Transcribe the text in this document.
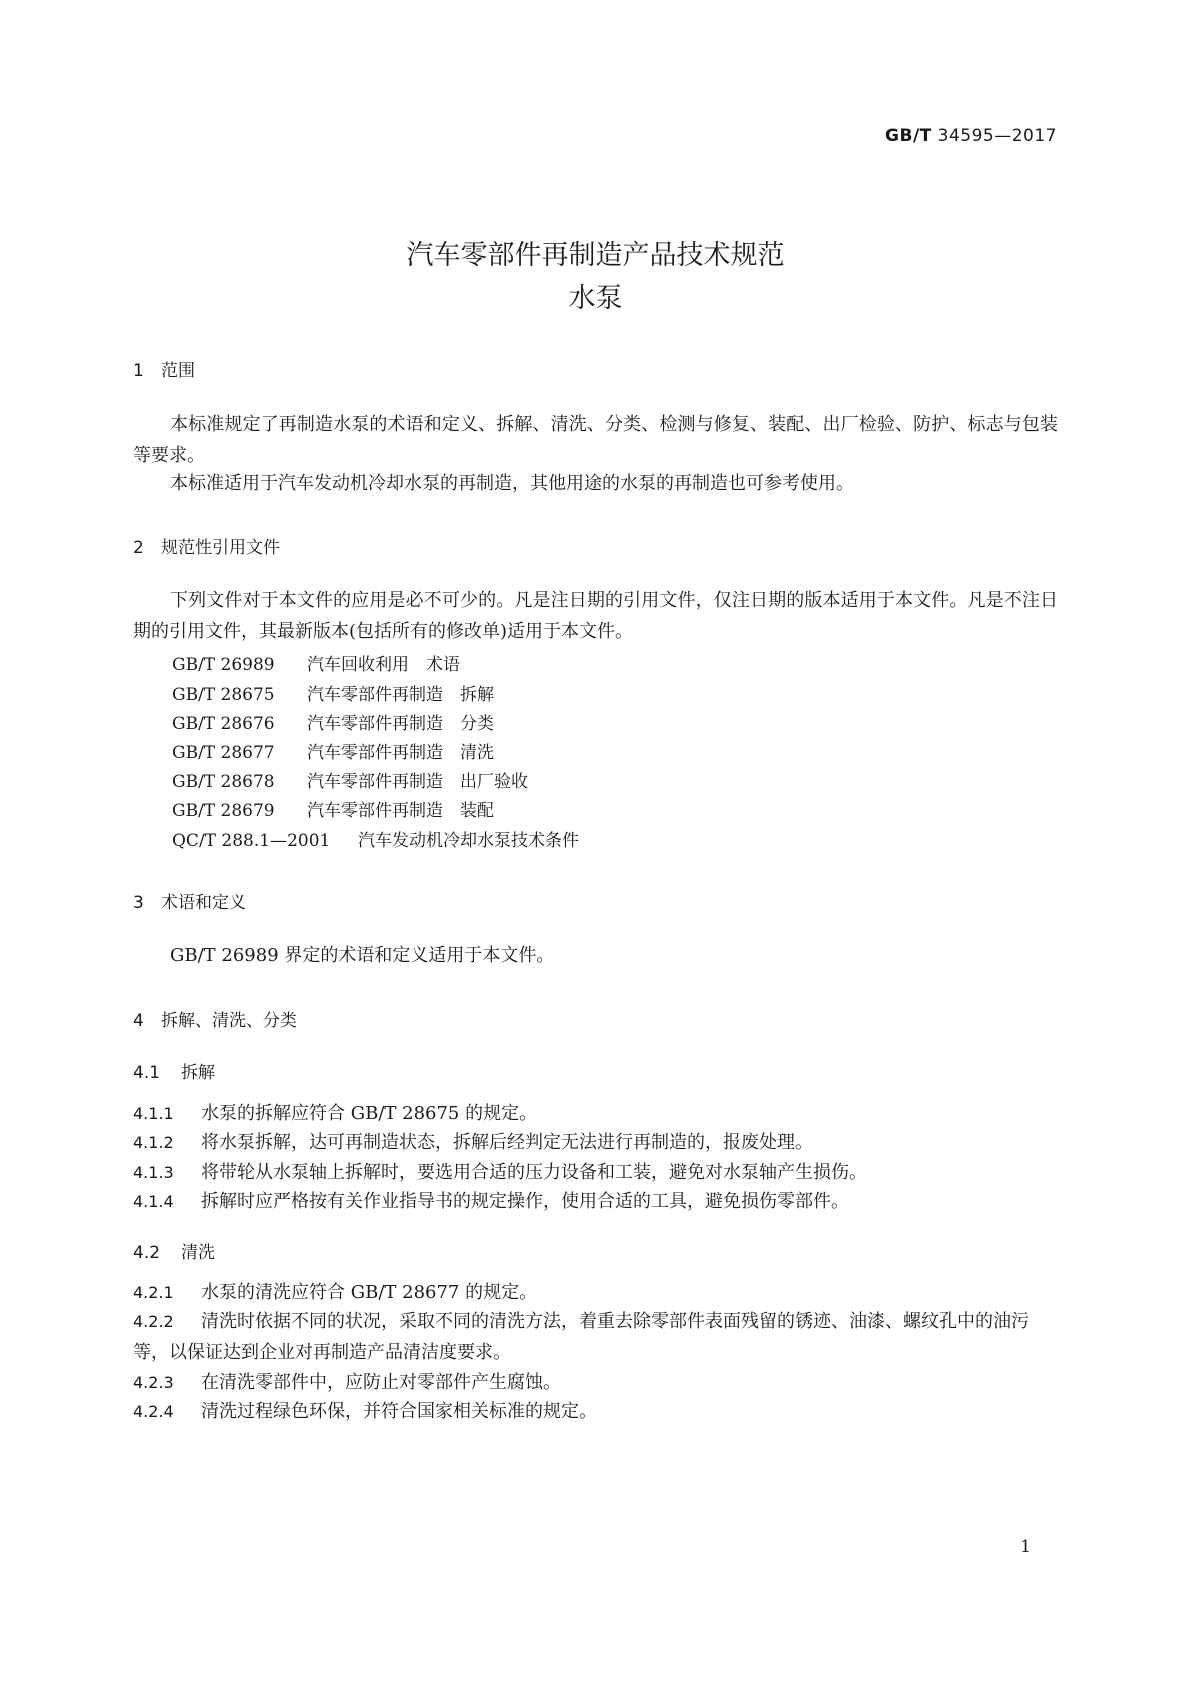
GB/T 34595—2017
汽车零部件再制造产品技术规范
水泵
1 范围

本标准规定了再制造水泵的术语和定义、拆解、清洗、分类、检测与修复、装配、出厂检验、防护、标志与包装等要求。

本标准适用于汽车发动机冷却水泵的再制造，其他用途的水泵的再制造也可参考使用。

2 规范性引用文件

下列文件对于本文件的应用是必不可少的。凡是注日期的引用文件，仅注日期的版本适用于本文件。凡是不注日期的引用文件，其最新版本(包括所有的修改单)适用于本文件。

GB/T 26989 汽车回收利用　术语
GB/T 28675 汽车零部件再制造　拆解
GB/T 28676 汽车零部件再制造　分类
GB/T 28677 汽车零部件再制造　清洗
GB/T 28678 汽车零部件再制造　出厂验收
GB/T 28679 汽车零部件再制造　装配
QC/T 288.1—2001 汽车发动机冷却水泵技术条件
3 术语和定义

GB/T 26989 界定的术语和定义适用于本文件。

4 拆解、清洗、分类
4.1 拆解

4.1.1 水泵的拆解应符合 GB/T 28675 的规定。

4.1.2 将水泵拆解，达可再制造状态，拆解后经判定无法进行再制造的，报废处理。

4.1.3 将带轮从水泵轴上拆解时，要选用合适的压力设备和工装，避免对水泵轴产生损伤。

4.1.4 拆解时应严格按有关作业指导书的规定操作，使用合适的工具，避免损伤零部件。

4.2 清洗

4.2.1 水泵的清洗应符合 GB/T 28677 的规定。

4.2.2 清洗时依据不同的状况，采取不同的清洗方法，着重去除零部件表面残留的锈迹、油漆、螺纹孔中的油污等，以保证达到企业对再制造产品清洁度要求。

4.2.3 在清洗零部件中，应防止对零部件产生腐蚀。

4.2.4 清洗过程绿色环保，并符合国家相关标准的规定。

1
